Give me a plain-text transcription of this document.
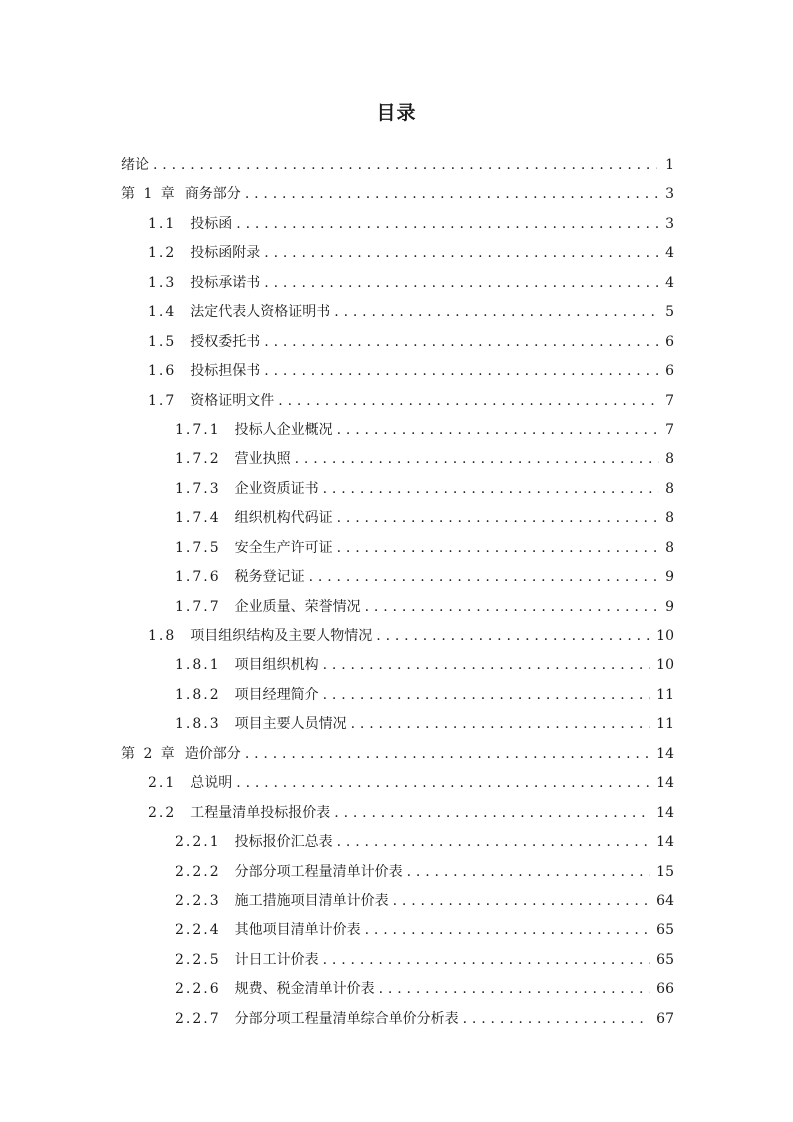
目录
绪论 . . .	1
第 1 章 商务部分 . . .	3
1.1 投标函 . . .	3
1.2 投标函附录 . . .	4
1.3 投标承诺书 . . .	4
1.4 法定代表人资格证明书 . . .	5
1.5 授权委托书 . . .	6
1.6 投标担保书 . . .	6
1.7 资格证明文件 . . .	7
1.7.1 投标人企业概况 . . .	7
1.7.2 营业执照 . . .	8
1.7.3 企业资质证书 . . .	8
1.7.4 组织机构代码证 . . .	8
1.7.5 安全生产许可证 . . .	8
1.7.6 税务登记证 . . .	9
1.7.7 企业质量、荣誉情况 . . .	9
1.8 项目组织结构及主要人物情况 . . .	10
1.8.1 项目组织机构 . . .	10
1.8.2 项目经理简介 . . .	11
1.8.3 项目主要人员情况 . . .	11
第 2 章 造价部分 . . .	14
2.1 总说明 . . .	14
2.2 工程量清单投标报价表 . . .	14
2.2.1 投标报价汇总表 . . .	14
2.2.2 分部分项工程量清单计价表 . . .	15
2.2.3 施工措施项目清单计价表 . . .	64
2.2.4 其他项目清单计价表 . . .	65
2.2.5 计日工计价表 . . .	65
2.2.6 规费、税金清单计价表 . . .	66
2.2.7 分部分项工程量清单综合单价分析表 . . .	67
